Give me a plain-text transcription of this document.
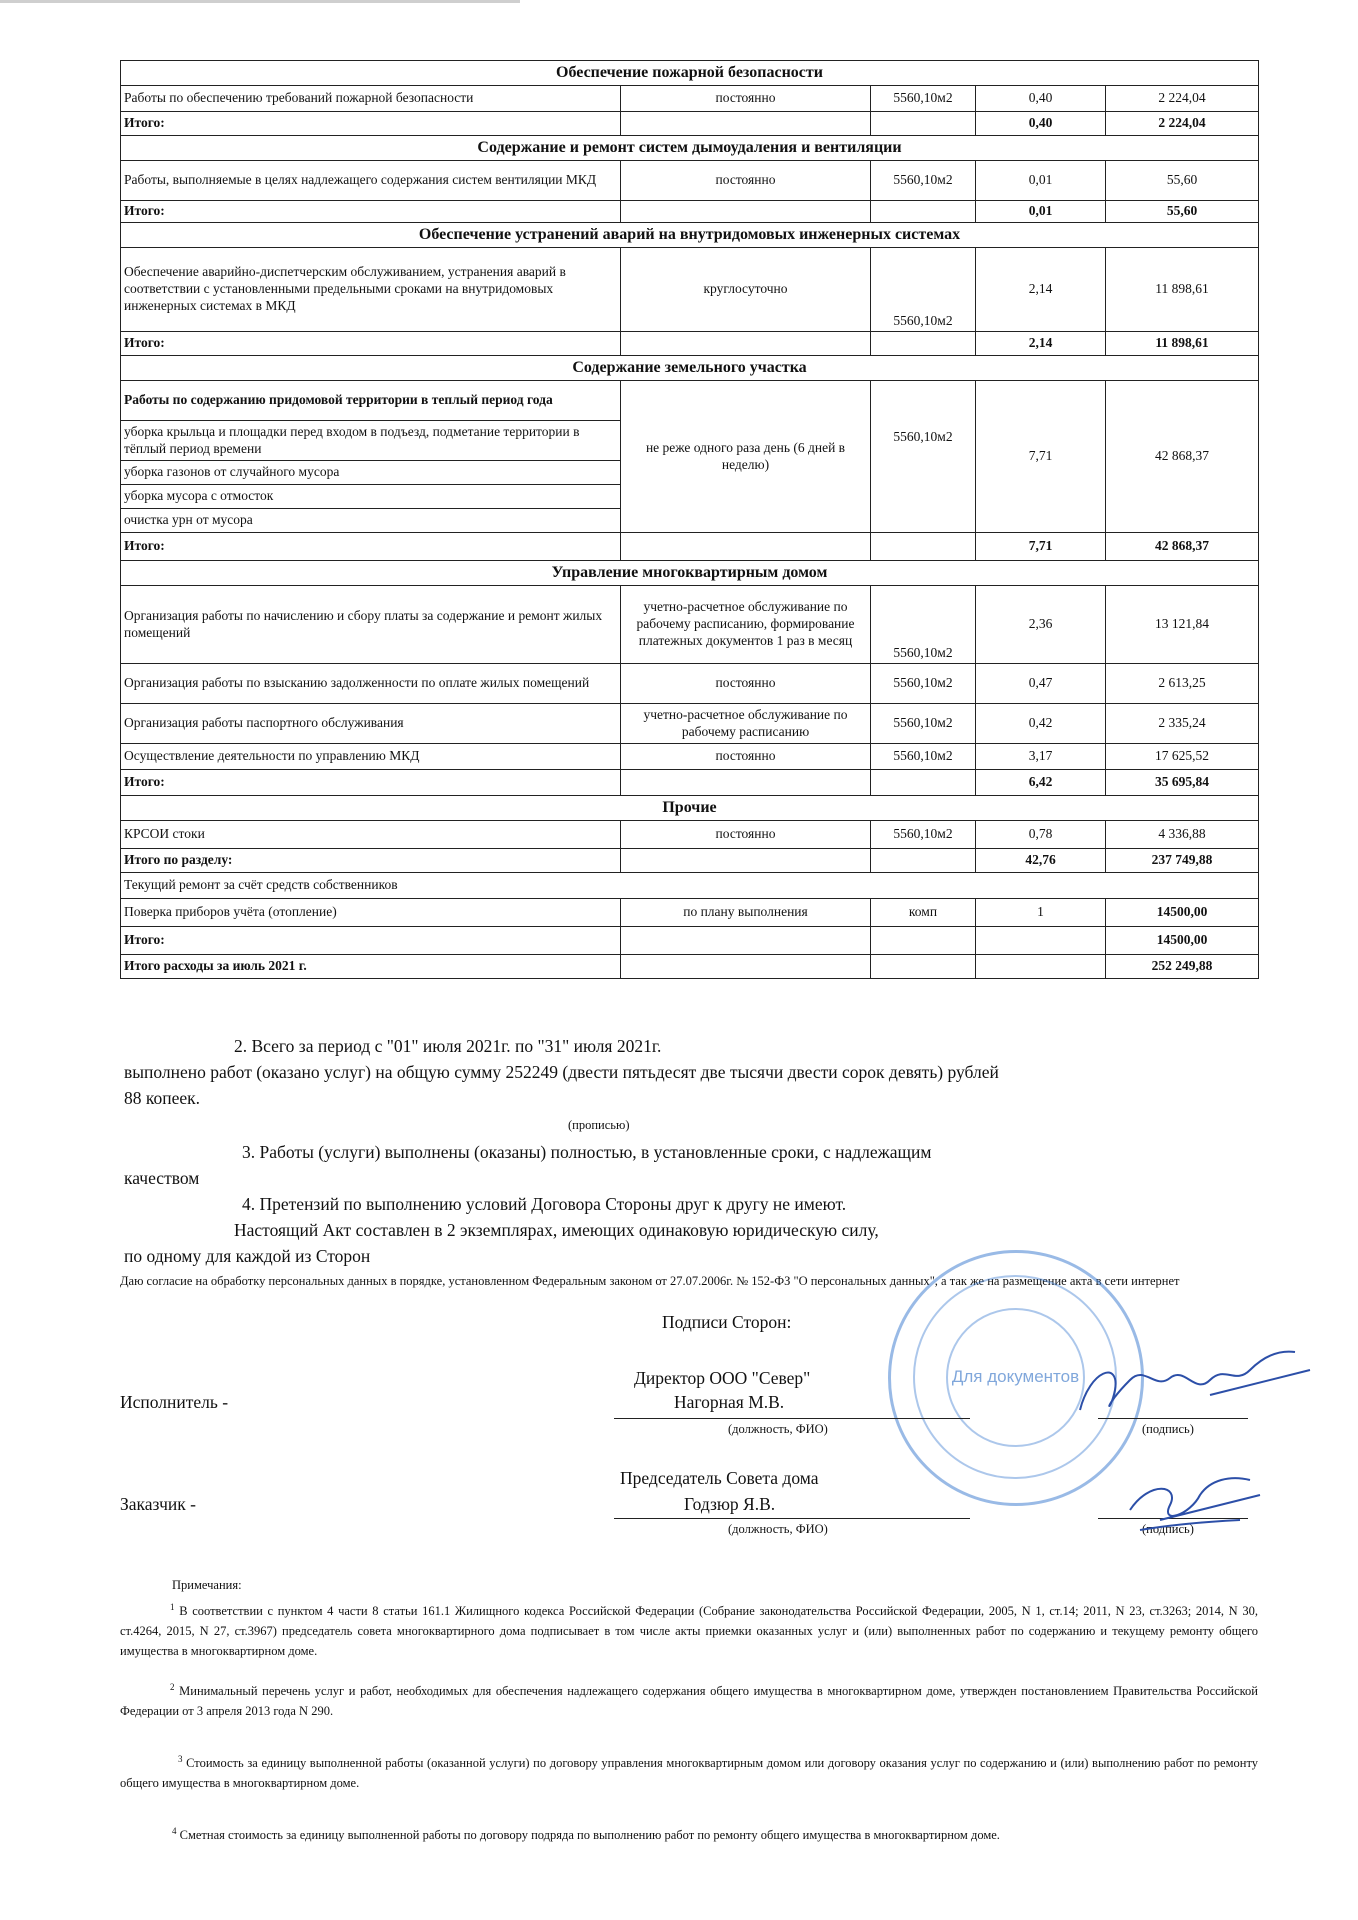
Обеспечение пожарной безопасности				
Работы по обеспечению требований пожарной безопасности	постоянно	5560,10м2	0,40	2 224,04
Итого:			0,40	2 224,04
Содержание и ремонт систем дымоудаления и вентиляции				
Работы, выполняемые в целях надлежащего содержания систем вентиляции МКД	постоянно	5560,10м2	0,01	55,60
Итого:			0,01	55,60
Обеспечение устранений аварий на внутридомовых инженерных системах				
Обеспечение аварийно-диспетчерским обслуживанием, устранения аварий в соответствии с установленными предельными сроками на внутридомовых инженерных системах в МКД	круглосуточно	5560,10м2	2,14	11 898,61
Итого:			2,14	11 898,61
Содержание земельного участка				
Работы по содержанию придомовой территории в теплый период года	не реже одного раза день (6 дней в неделю)	5560,10м2	7,71	42 868,37
уборка крыльца и площадки перед входом в подъезд, подметание территории в тёплый период времени				
уборка газонов от случайного мусора				
уборка мусора с отмосток				
очистка урн от мусора				
Итого:			7,71	42 868,37
Управление многоквартирным домом				
Организация работы по начислению и сбору платы за содержание и ремонт жилых помещений	учетно-расчетное обслуживание по рабочему расписанию, формирование платежных документов 1 раз в месяц	5560,10м2	2,36	13 121,84
Организация работы по взысканию задолженности по оплате жилых помещений	постоянно	5560,10м2	0,47	2 613,25
Организация работы паспортного обслуживания	учетно-расчетное обслуживание по рабочему расписанию	5560,10м2	0,42	2 335,24
Осуществление деятельности по управлению МКД	постоянно	5560,10м2	3,17	17 625,52
Итого:			6,42	35 695,84
Прочие				
КРСОИ стоки	постоянно	5560,10м2	0,78	4 336,88
Итого по разделу:			42,76	237 749,88
Текущий ремонт за счёт средств собственников				
Поверка приборов учёта (отопление)	по плану выполнения	комп	1	14500,00
Итого:				14500,00
Итого расходы за июль 2021 г.				252 249,88
2. Всего за период с "01" июля 2021г. по "31" июля 2021г.
выполнено работ (оказано услуг) на общую сумму 252249 (двести пятьдесят две тысячи двести сорок девять) рублей
88 копеек.
(прописью)
3. Работы (услуги) выполнены (оказаны) полностью, в установленные сроки, с надлежащим
качеством
4. Претензий по выполнению условий Договора Стороны друг к другу не имеют.
Настоящий Акт составлен в 2 экземплярах, имеющих одинаковую юридическую силу,
по одному для каждой из Сторон
Даю согласие на обработку персональных данных в порядке, установленном Федеральным законом от 27.07.2006г. № 152-ФЗ "О персональных данных", а так же на размещение акта в сети интернет
Для документов
Подписи Сторон:
Директор ООО "Север"
Нагорная М.В.
Исполнитель -
(должность, ФИО)	(подпись)
Председатель Совета дома
Годзюр Я.В.
Заказчик -
(должность, ФИО)	(подпись)
Примечания:
$^1$ В соответствии с пунктом 4 части 8 статьи 161.1 Жилищного кодекса Российской Федерации (Собрание законодательства Российской Федерации, 2005, N 1, ст.14; 2011, N 23, ст.3263; 2014, N 30, ст.4264, 2015, N 27, ст.3967) председатель совета многоквартирного дома подписывает в том числе акты приемки оказанных услуг и (или) выполненных работ по содержанию и текущему ремонту общего имущества в многоквартирном доме.
$^2$ Минимальный перечень услуг и работ, необходимых для обеспечения надлежащего содержания общего имущества в многоквартирном доме, утвержден постановлением Правительства Российской Федерации от 3 апреля 2013 года N 290.
$^3$ Стоимость за единицу выполненной работы (оказанной услуги) по договору управления многоквартирным домом или договору оказания услуг по содержанию и (или) выполнению работ по ремонту общего имущества в многоквартирном доме.
$^4$ Сметная стоимость за единицу выполненной работы по договору подряда по выполнению работ по ремонту общего имущества в многоквартирном доме.
